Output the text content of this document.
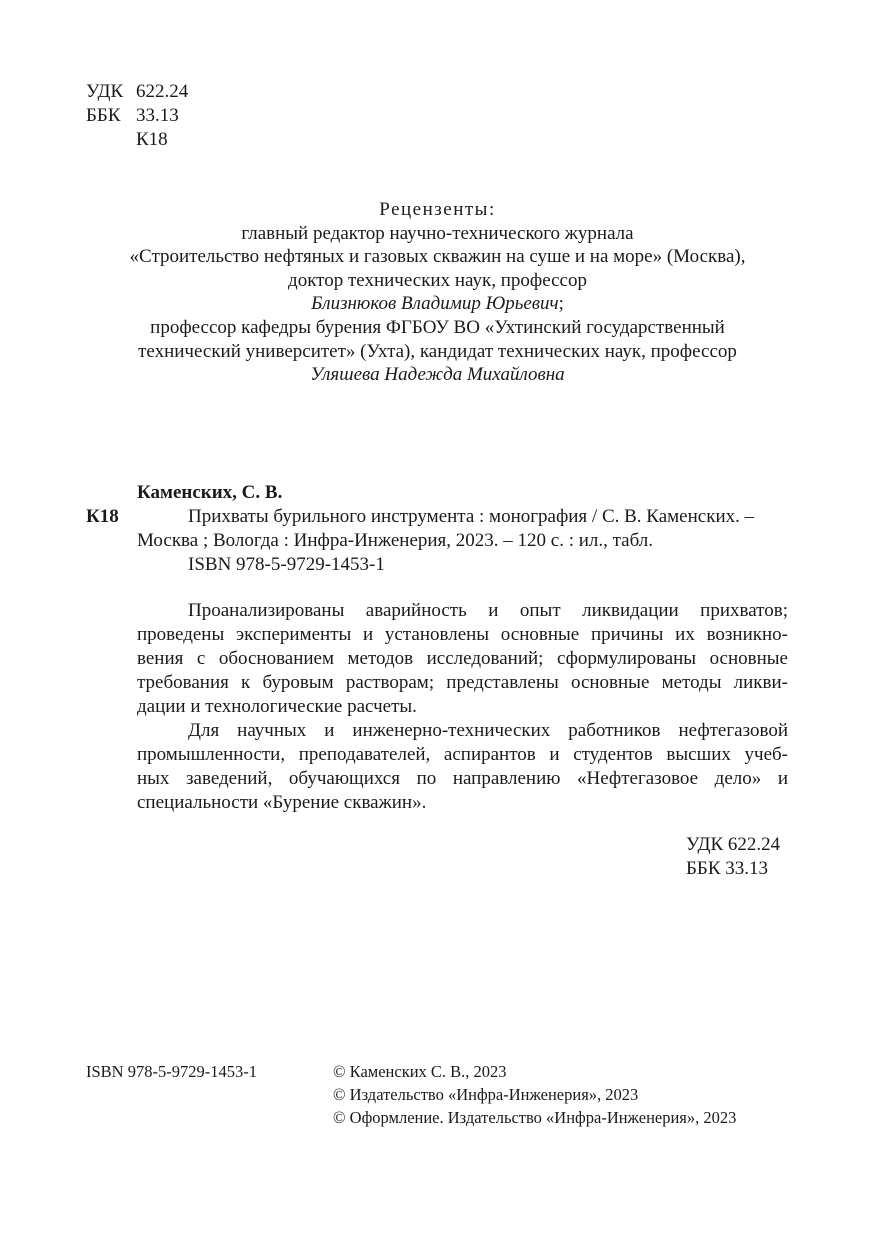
УДК 622.24
ББК 33.13
К18
Рецензенты:
главный редактор научно-технического журнала
«Строительство нефтяных и газовых скважин на суше и на море» (Москва),
доктор технических наук, профессор
Близнюков Владимир Юрьевич;
профессор кафедры бурения ФГБОУ ВО «Ухтинский государственный
технический университет» (Ухта), кандидат технических наук, профессор
Уляшева Надежда Михайловна
Каменских, С. В.
К18	Прихваты бурильного инструмента : монография / С. В. Каменских. –
Москва ; Вологда : Инфра-Инженерия, 2023. – 120 с. : ил., табл.
ISBN 978-5-9729-1453-1
Проанализированы аварийность и опыт ликвидации прихватов;
проведены эксперименты и установлены основные причины их возникно-
вения с обоснованием методов исследований; сформулированы основные
требования к буровым растворам; представлены основные методы ликви-
дации и технологические расчеты.
Для научных и инженерно-технических работников нефтегазовой
промышленности, преподавателей, аспирантов и студентов высших учеб-
ных заведений, обучающихся по направлению «Нефтегазовое дело» и
специальности «Бурение скважин».
УДК 622.24
ББК 33.13
ISBN 978-5-9729-1453-1	© Каменских С. В., 2023
© Издательство «Инфра-Инженерия», 2023
© Оформление. Издательство «Инфра-Инженерия», 2023
